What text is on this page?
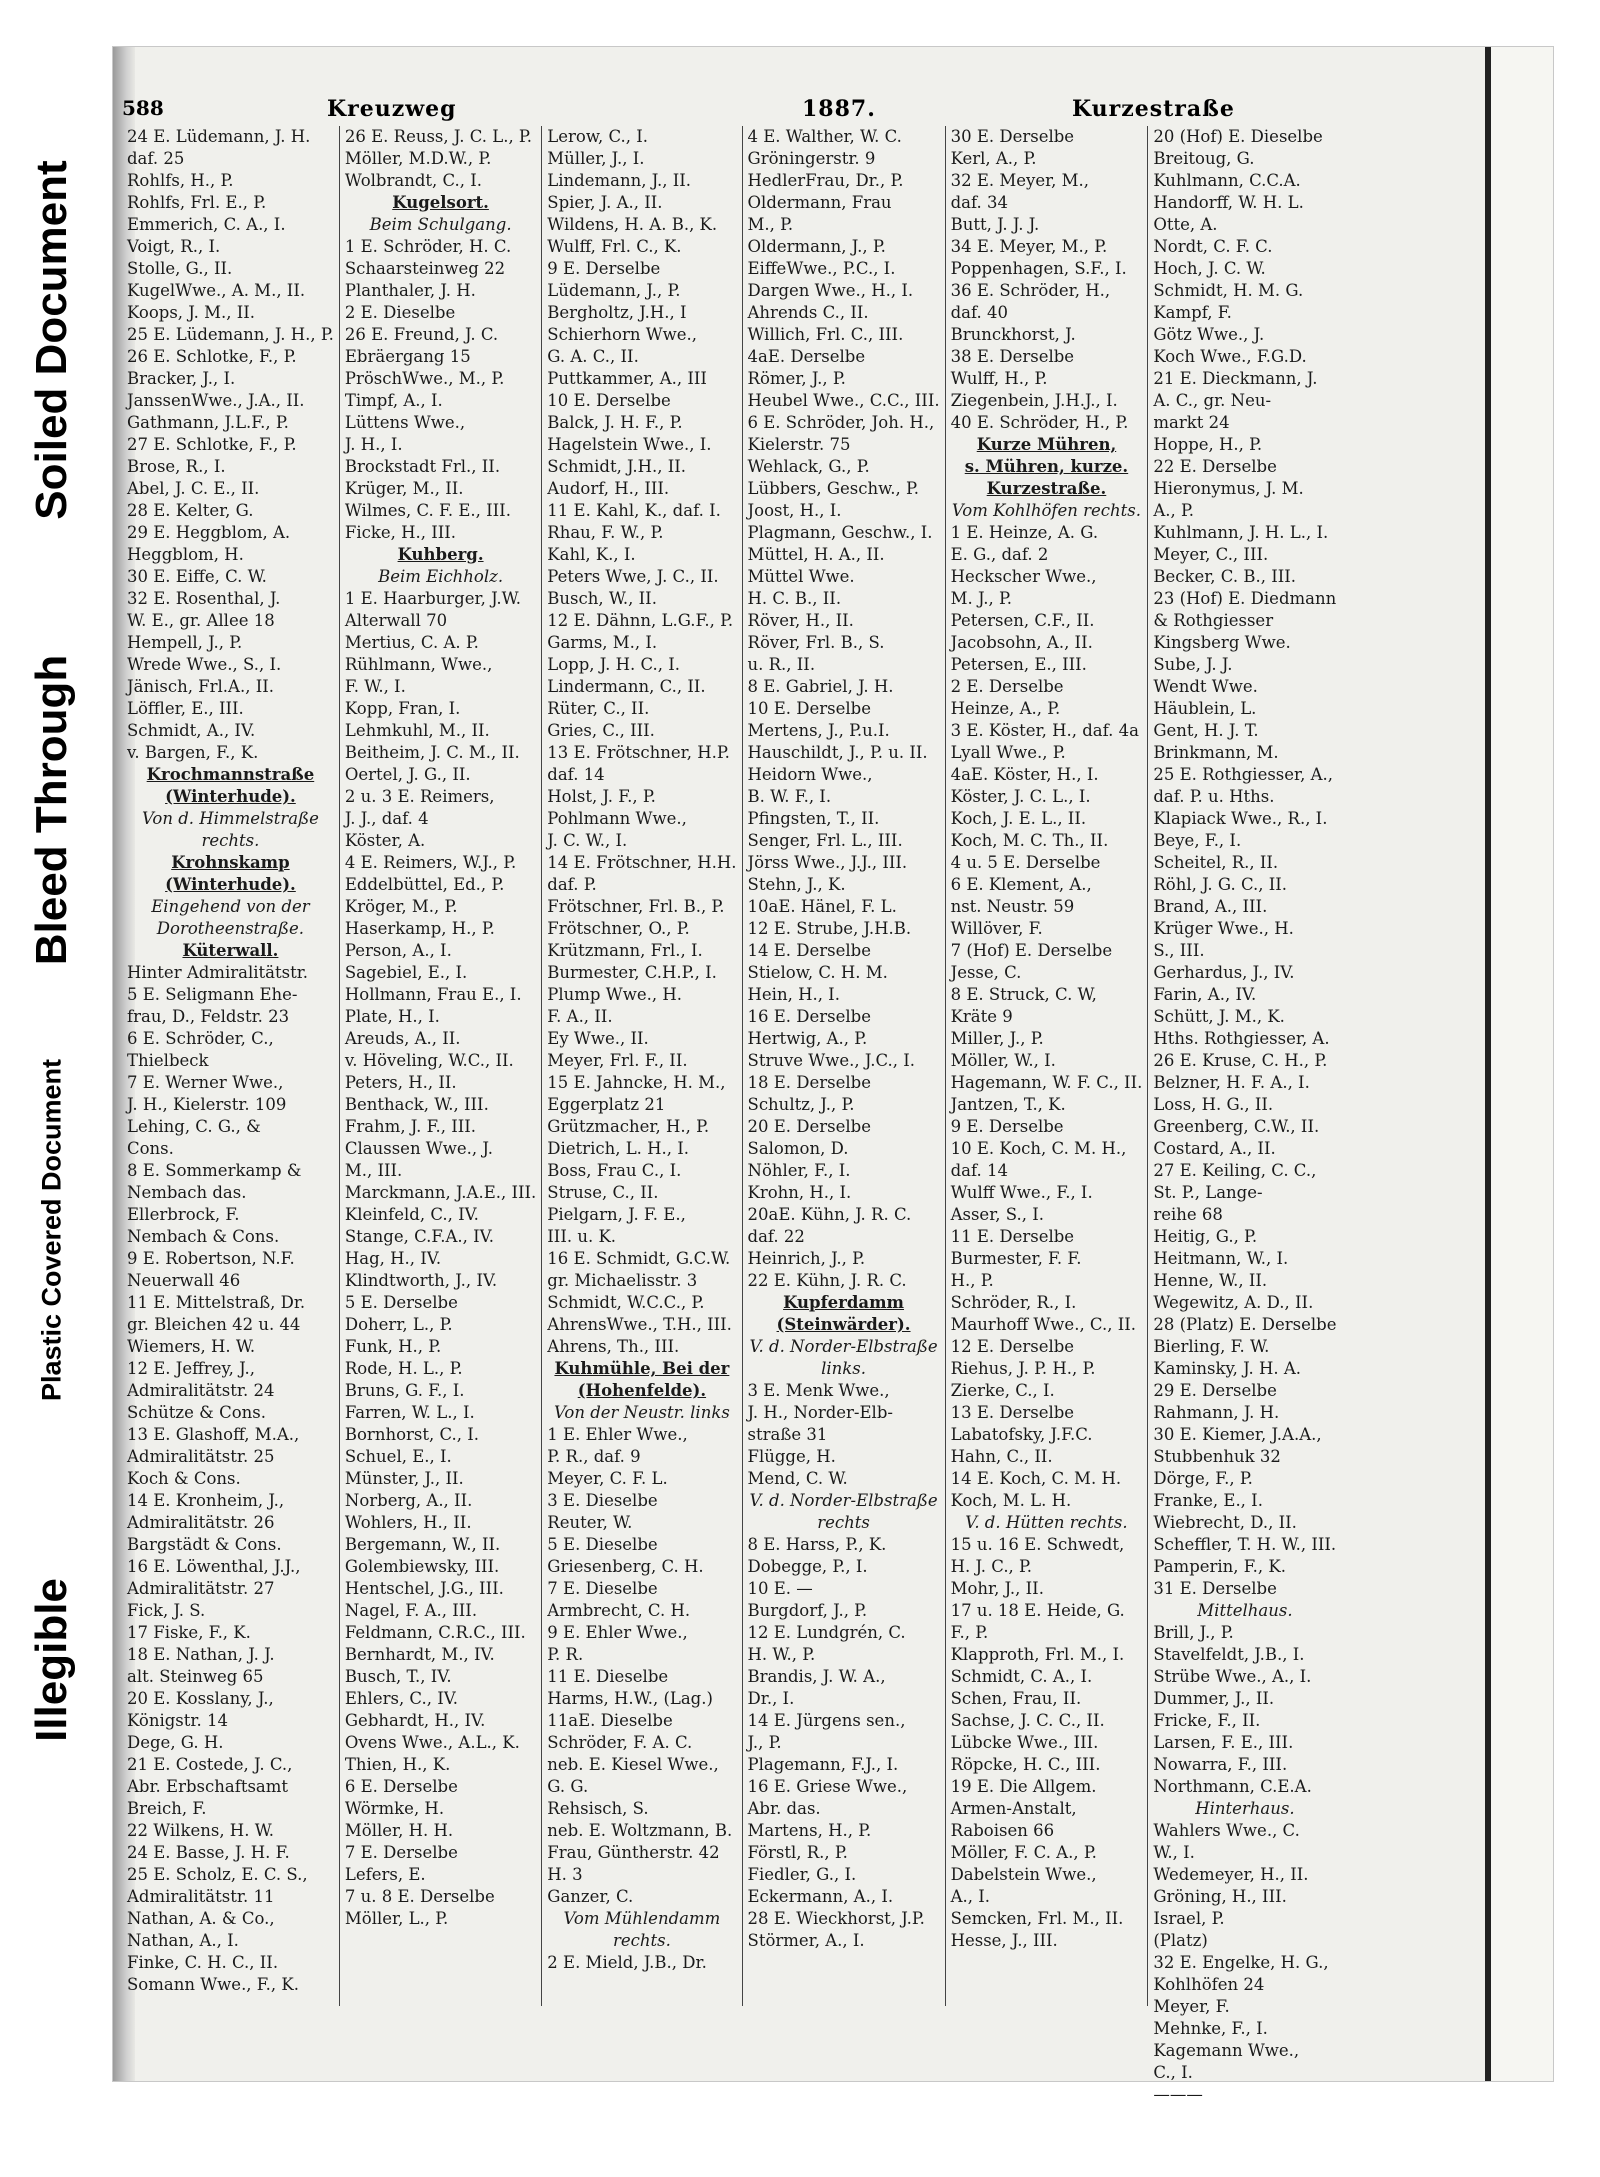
Illegible
Plastic Covered Document
Bleed Through
Soiled Document
588	Kreuzweg	1887.	Kurzestraße
24 E. Lüdemann, J. H.
daf. 25
Rohlfs, H., P.
Rohlfs, Frl. E., P.
Emmerich, C. A., I.
Voigt, R., I.
Stolle, G., II.
KugelWwe., A. M., II.
Koops, J. M., II.
25 E. Lüdemann, J. H., P.
26 E. Schlotke, F., P.
Bracker, J., I.
JanssenWwe., J.A., II.
Gathmann, J.L.F., P.
27 E. Schlotke, F., P.
Brose, R., I.
Abel, J. C. E., II.
28 E. Kelter, G.
29 E. Heggblom, A.
Heggblom, H.
30 E. Eiffe, C. W.
32 E. Rosenthal, J.
W. E., gr. Allee 18
Hempell, J., P.
Wrede Wwe., S., I.
Jänisch, Frl.A., II.
Löffler, E., III.
Schmidt, A., IV.
v. Bargen, F., K.
Krochmannstraße
(Winterhude).
Von d. Himmelstraße
rechts.
Krohnskamp
(Winterhude).
Eingehend von der
Dorotheenstraße.
Küterwall.
Hinter Admiralitätstr.
5 E. Seligmann Ehe-
frau, D., Feldstr. 23
6 E. Schröder, C.,
Thielbeck
7 E. Werner Wwe.,
J. H., Kielerstr. 109
Lehing, C. G., &
Cons.
8 E. Sommerkamp &
Nembach das.
Ellerbrock, F.
Nembach & Cons.
9 E. Robertson, N.F.
Neuerwall 46
11 E. Mittelstraß, Dr.
gr. Bleichen 42 u. 44
Wiemers, H. W.
12 E. Jeffrey, J.,
Admiralitätstr. 24
Schütze & Cons.
13 E. Glashoff, M.A.,
Admiralitätstr. 25
Koch & Cons.
14 E. Kronheim, J.,
Admiralitätstr. 26
Bargstädt & Cons.
16 E. Löwenthal, J.J.,
Admiralitätstr. 27
Fick, J. S.
17 Fiske, F., K.
18 E. Nathan, J. J.
alt. Steinweg 65
20 E. Kosslany, J.,
Königstr. 14
Dege, G. H.
21 E. Costede, J. C.,
Abr. Erbschaftsamt
Breich, F.
22 Wilkens, H. W.
24 E. Basse, J. H. F.
25 E. Scholz, E. C. S.,
Admiralitätstr. 11
Nathan, A. & Co.,
Nathan, A., I.
Finke, C. H. C., II.
Somann Wwe., F., K.
26 E. Reuss, J. C. L., P.
Möller, M.D.W., P.
Wolbrandt, C., I.
Kugelsort.
Beim Schulgang.
1 E. Schröder, H. C.
Schaarsteinweg 22
Planthaler, J. H.
2 E. Dieselbe
26 E. Freund, J. C.
Ebräergang 15
PröschWwe., M., P.
Timpf, A., I.
Lüttens Wwe.,
J. H., I.
Brockstadt Frl., II.
Krüger, M., II.
Wilmes, C. F. E., III.
Ficke, H., III.
Kuhberg.
Beim Eichholz.
1 E. Haarburger, J.W.
Alterwall 70
Mertius, C. A. P.
Rühlmann, Wwe.,
F. W., I.
Kopp, Fran, I.
Lehmkuhl, M., II.
Beitheim, J. C. M., II.
Oertel, J. G., II.
2 u. 3 E. Reimers,
J. J., daf. 4
Köster, A.
4 E. Reimers, W.J., P.
Eddelbüttel, Ed., P.
Kröger, M., P.
Haserkamp, H., P.
Person, A., I.
Sagebiel, E., I.
Hollmann, Frau E., I.
Plate, H., I.
Areuds, A., II.
v. Höveling, W.C., II.
Peters, H., II.
Benthack, W., III.
Frahm, J. F., III.
Claussen Wwe., J.
M., III.
Marckmann, J.A.E., III.
Kleinfeld, C., IV.
Stange, C.F.A., IV.
Hag, H., IV.
Klindtworth, J., IV.
5 E. Derselbe
Doherr, L., P.
Funk, H., P.
Rode, H. L., P.
Bruns, G. F., I.
Farren, W. L., I.
Bornhorst, C., I.
Schuel, E., I.
Münster, J., II.
Norberg, A., II.
Wohlers, H., II.
Bergemann, W., II.
Golembiewsky, III.
Hentschel, J.G., III.
Nagel, F. A., III.
Feldmann, C.R.C., III.
Bernhardt, M., IV.
Busch, T., IV.
Ehlers, C., IV.
Gebhardt, H., IV.
Ovens Wwe., A.L., K.
Thien, H., K.
6 E. Derselbe
Wörmke, H.
Möller, H. H.
7 E. Derselbe
Lefers, E.
7 u. 8 E. Derselbe
Möller, L., P.
Lerow, C., I.
Müller, J., I.
Lindemann, J., II.
Spier, J. A., II.
Wildens, H. A. B., K.
Wulff, Frl. C., K.
9 E. Derselbe
Lüdemann, J., P.
Bergholtz, J.H., I
Schierhorn Wwe.,
G. A. C., II.
Puttkammer, A., III
10 E. Derselbe
Balck, J. H. F., P.
Hagelstein Wwe., I.
Schmidt, J.H., II.
Audorf, H., III.
11 E. Kahl, K., daf. I.
Rhau, F. W., P.
Kahl, K., I.
Peters Wwe, J. C., II.
Busch, W., II.
12 E. Dähnn, L.G.F., P.
Garms, M., I.
Lopp, J. H. C., I.
Lindermann, C., II.
Rüter, C., II.
Gries, C., III.
13 E. Frötschner, H.P.
daf. 14
Holst, J. F., P.
Pohlmann Wwe.,
J. C. W., I.
14 E. Frötschner, H.H.
daf. P.
Frötschner, Frl. B., P.
Frötschner, O., P.
Krützmann, Frl., I.
Burmester, C.H.P., I.
Plump Wwe., H.
F. A., II.
Ey Wwe., II.
Meyer, Frl. F., II.
15 E. Jahncke, H. M.,
Eggerplatz 21
Grützmacher, H., P.
Dietrich, L. H., I.
Boss, Frau C., I.
Struse, C., II.
Pielgarn, J. F. E.,
III. u. K.
16 E. Schmidt, G.C.W.
gr. Michaelisstr. 3
Schmidt, W.C.C., P.
AhrensWwe., T.H., III.
Ahrens, Th., III.
Kuhmühle, Bei der
(Hohenfelde).
Von der Neustr. links
1 E. Ehler Wwe.,
P. R., daf. 9
Meyer, C. F. L.
3 E. Dieselbe
Reuter, W.
5 E. Dieselbe
Griesenberg, C. H.
7 E. Dieselbe
Armbrecht, C. H.
9 E. Ehler Wwe.,
P. R.
11 E. Dieselbe
Harms, H.W., (Lag.)
11aE. Dieselbe
Schröder, F. A. C.
neb. E. Kiesel Wwe.,
G. G.
Rehsisch, S.
neb. E. Woltzmann, B.
Frau, Güntherstr. 42
H. 3
Ganzer, C.
Vom Mühlendamm
rechts.
2 E. Mield, J.B., Dr.
4 E. Walther, W. C.
Gröningerstr. 9
HedlerFrau, Dr., P.
Oldermann, Frau
M., P.
Oldermann, J., P.
EiffeWwe., P.C., I.
Dargen Wwe., H., I.
Ahrends C., II.
Willich, Frl. C., III.
4aE. Derselbe
Römer, J., P.
Heubel Wwe., C.C., III.
6 E. Schröder, Joh. H.,
Kielerstr. 75
Wehlack, G., P.
Lübbers, Geschw., P.
Joost, H., I.
Plagmann, Geschw., I.
Müttel, H. A., II.
Müttel Wwe.
H. C. B., II.
Röver, H., II.
Röver, Frl. B., S.
u. R., II.
8 E. Gabriel, J. H.
10 E. Derselbe
Mertens, J., P.u.I.
Hauschildt, J., P. u. II.
Heidorn Wwe.,
B. W. F., I.
Pfingsten, T., II.
Senger, Frl. L., III.
Jörss Wwe., J.J., III.
Stehn, J., K.
10aE. Hänel, F. L.
12 E. Strube, J.H.B.
14 E. Derselbe
Stielow, C. H. M.
Hein, H., I.
16 E. Derselbe
Hertwig, A., P.
Struve Wwe., J.C., I.
18 E. Derselbe
Schultz, J., P.
20 E. Derselbe
Salomon, D.
Nöhler, F., I.
Krohn, H., I.
20aE. Kühn, J. R. C.
daf. 22
Heinrich, J., P.
22 E. Kühn, J. R. C.
Kupferdamm
(Steinwärder).
V. d. Norder-Elbstraße
links.
3 E. Menk Wwe.,
J. H., Norder-Elb-
straße 31
Flügge, H.
Mend, C. W.
V. d. Norder-Elbstraße
rechts
8 E. Harss, P., K.
Dobegge, P., I.
10 E. —
Burgdorf, J., P.
12 E. Lundgrén, C.
H. W., P.
Brandis, J. W. A.,
Dr., I.
14 E. Jürgens sen.,
J., P.
Plagemann, F.J., I.
16 E. Griese Wwe.,
Abr. das.
Martens, H., P.
Förstl, R., P.
Fiedler, G., I.
Eckermann, A., I.
28 E. Wieckhorst, J.P.
Störmer, A., I.
30 E. Derselbe
Kerl, A., P.
32 E. Meyer, M.,
daf. 34
Butt, J. J. J.
34 E. Meyer, M., P.
Poppenhagen, S.F., I.
36 E. Schröder, H.,
daf. 40
Brunckhorst, J.
38 E. Derselbe
Wulff, H., P.
Ziegenbein, J.H.J., I.
40 E. Schröder, H., P.
Kurze Mühren,
s. Mühren, kurze.
Kurzestraße.
Vom Kohlhöfen rechts.
1 E. Heinze, A. G.
E. G., daf. 2
Heckscher Wwe.,
M. J., P.
Petersen, C.F., II.
Jacobsohn, A., II.
Petersen, E., III.
2 E. Derselbe
Heinze, A., P.
3 E. Köster, H., daf. 4a
Lyall Wwe., P.
4aE. Köster, H., I.
Köster, J. C. L., I.
Koch, J. E. L., II.
Koch, M. C. Th., II.
4 u. 5 E. Derselbe
6 E. Klement, A.,
nst. Neustr. 59
Willöver, F.
7 (Hof) E. Derselbe
Jesse, C.
8 E. Struck, C. W,
Kräte 9
Miller, J., P.
Möller, W., I.
Hagemann, W. F. C., II.
Jantzen, T., K.
9 E. Derselbe
10 E. Koch, C. M. H.,
daf. 14
Wulff Wwe., F., I.
Asser, S., I.
11 E. Derselbe
Burmester, F. F.
H., P.
Schröder, R., I.
Maurhoff Wwe., C., II.
12 E. Derselbe
Riehus, J. P. H., P.
Zierke, C., I.
13 E. Derselbe
Labatofsky, J.F.C.
Hahn, C., II.
14 E. Koch, C. M. H.
Koch, M. L. H.
V. d. Hütten rechts.
15 u. 16 E. Schwedt,
H. J. C., P.
Mohr, J., II.
17 u. 18 E. Heide, G.
F., P.
Klapproth, Frl. M., I.
Schmidt, C. A., I.
Schen, Frau, II.
Sachse, J. C. C., II.
Lübcke Wwe., III.
Röpcke, H. C., III.
19 E. Die Allgem.
Armen-Anstalt,
Raboisen 66
Möller, F. C. A., P.
Dabelstein Wwe.,
A., I.
Semcken, Frl. M., II.
Hesse, J., III.
20 (Hof) E. Dieselbe
Breitoug, G.
Kuhlmann, C.C.A.
Handorff, W. H. L.
Otte, A.
Nordt, C. F. C.
Hoch, J. C. W.
Schmidt, H. M. G.
Kampf, F.
Götz Wwe., J.
Koch Wwe., F.G.D.
21 E. Dieckmann, J.
A. C., gr. Neu-
markt 24
Hoppe, H., P.
22 E. Derselbe
Hieronymus, J. M.
A., P.
Kuhlmann, J. H. L., I.
Meyer, C., III.
Becker, C. B., III.
23 (Hof) E. Diedmann
& Rothgiesser
Kingsberg Wwe.
Sube, J. J.
Wendt Wwe.
Häublein, L.
Gent, H. J. T.
Brinkmann, M.
25 E. Rothgiesser, A.,
daf. P. u. Hths.
Klapiack Wwe., R., I.
Beye, F., I.
Scheitel, R., II.
Röhl, J. G. C., II.
Brand, A., III.
Krüger Wwe., H.
S., III.
Gerhardus, J., IV.
Farin, A., IV.
Schütt, J. M., K.
Hths. Rothgiesser, A.
26 E. Kruse, C. H., P.
Belzner, H. F. A., I.
Loss, H. G., II.
Greenberg, C.W., II.
Costard, A., II.
27 E. Keiling, C. C.,
St. P., Lange-
reihe 68
Heitig, G., P.
Heitmann, W., I.
Henne, W., II.
Wegewitz, A. D., II.
28 (Platz) E. Derselbe
Bierling, F. W.
Kaminsky, J. H. A.
29 E. Derselbe
Rahmann, J. H.
30 E. Kiemer, J.A.A.,
Stubbenhuk 32
Dörge, F., P.
Franke, E., I.
Wiebrecht, D., II.
Scheffler, T. H. W., III.
Pamperin, F., K.
31 E. Derselbe
Mittelhaus.
Brill, J., P.
Stavelfeldt, J.B., I.
Strübe Wwe., A., I.
Dummer, J., II.
Fricke, F., II.
Larsen, F. E., III.
Nowarra, F., III.
Northmann, C.E.A.
Hinterhaus.
Wahlers Wwe., C.
W., I.
Wedemeyer, H., II.
Gröning, H., III.
Israel, P.
(Platz)
32 E. Engelke, H. G.,
Kohlhöfen 24
Meyer, F.
Mehnke, F., I.
Kagemann Wwe.,
C., I.
———
